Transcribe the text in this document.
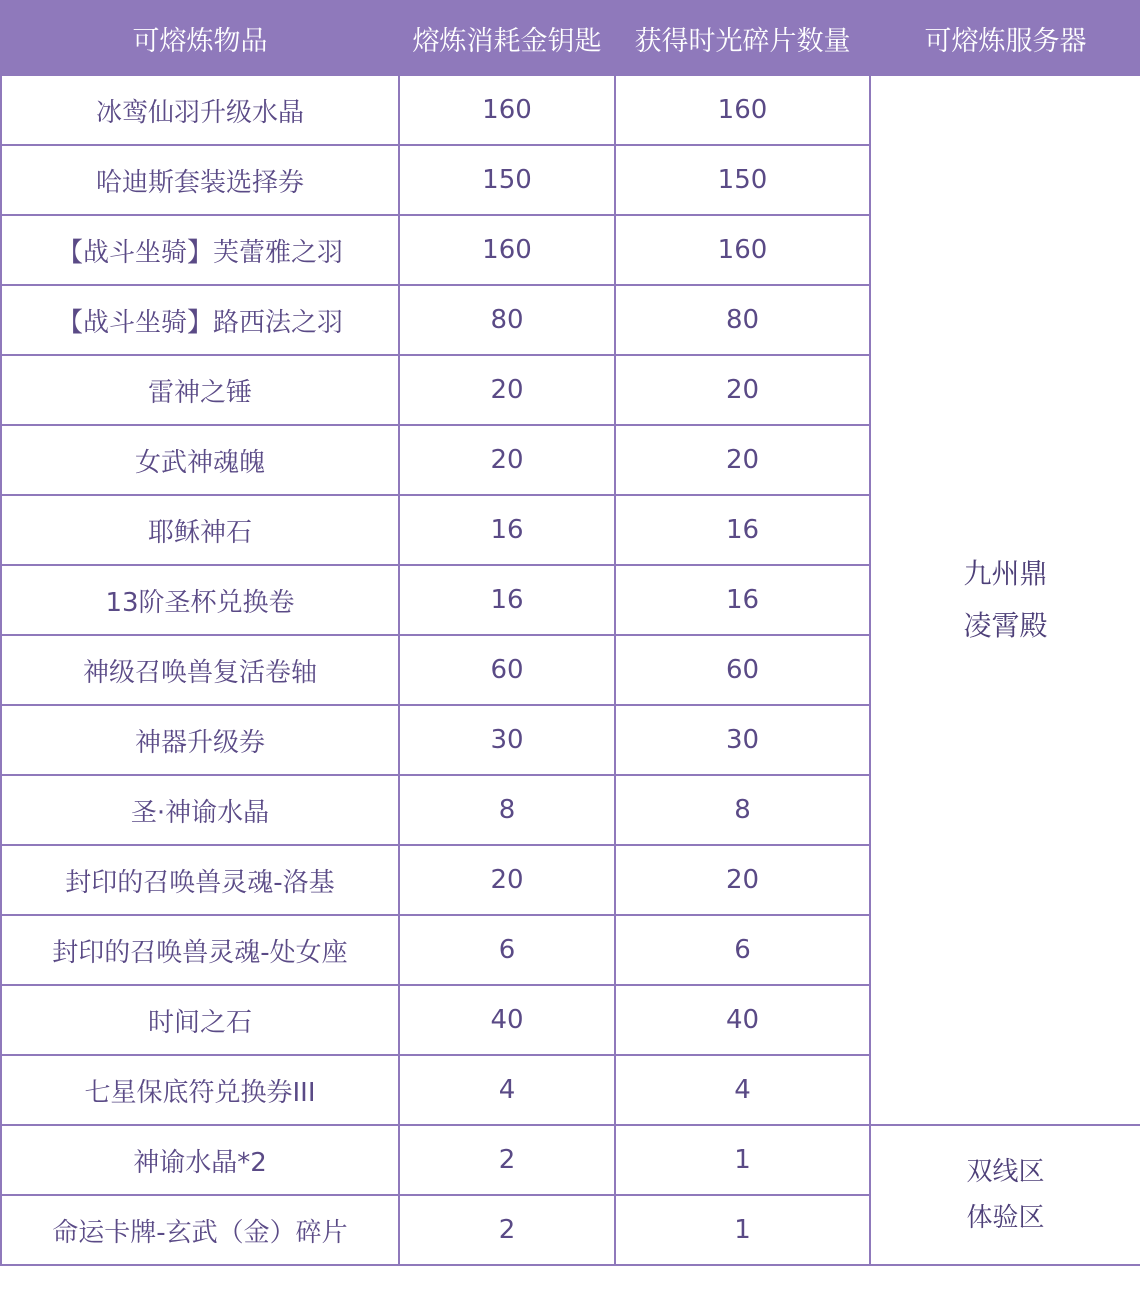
可熔炼物品	熔炼消耗金钥匙	获得时光碎片数量	可熔炼服务器
冰鸾仙羽升级水晶	160	160	九州鼎
凌霄殿

哈迪斯套装选择券	150	150	
【战斗坐骑】芙蕾雅之羽	160	160	
【战斗坐骑】路西法之羽	80	80	
雷神之锤	20	20	
女武神魂魄	20	20	
耶稣神石	16	16	
13阶圣杯兑换卷	16	16	
神级召唤兽复活卷轴	60	60	
神器升级券	30	30	
圣·神谕水晶	8	8	
封印的召唤兽灵魂-洛基	20	20	
封印的召唤兽灵魂-处女座	6	6	
时间之石	40	40	
七星保底符兑换券III	4	4	
神谕水晶*2	2	1	双线区
体验区

命运卡牌-玄武（金）碎片	2	1	
